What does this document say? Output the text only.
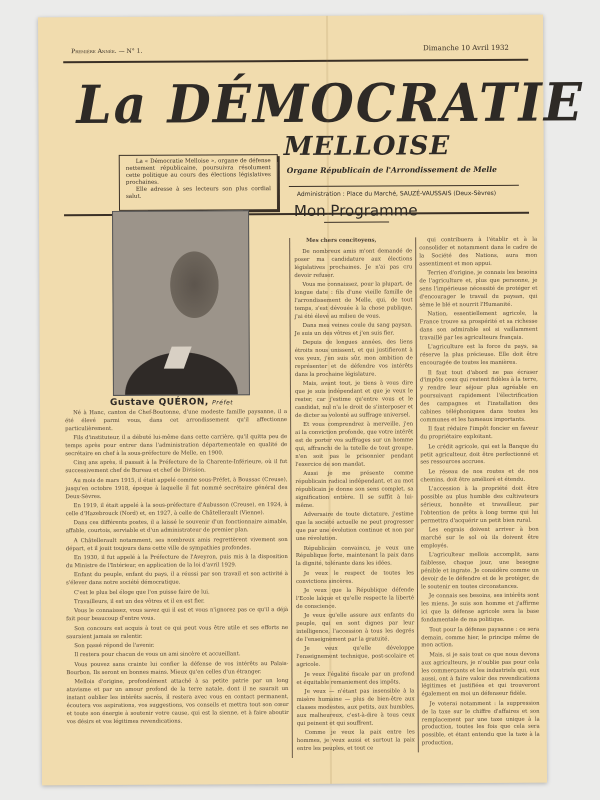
Première Année. — N° 1.	Dimanche 10 Avril 1932
La DÉMOCRATIE

La « Démocratie Melloise », organe de défense nettement républicaine, poursuivra résolument cette politique au cours des élections législatives prochaines.

Elle adresse à ses lecteurs son plus cordial salut.

MELLOISE
Organe Républicain de l'Arrondissement de Melle
Administration : Place du Marché, SAUZÉ-VAUSSAIS (Deux-Sèvres)
Gustave QUÉRON, Préfet

Né à Hanc, canton de Chef-Boutonne, d'une modeste famille paysanne, il a été élevé parmi vous, dans cet arrondissement qu'il affectionne particulièrement.

Fils d'instituteur, il a débuté lui-même dans cette carrière, qu'il quitta peu de temps après pour entrer dans l'administration départementale en qualité de secrétaire en chef à la sous-préfecture de Melle, en 1900.

Cinq ans après, il passait à la Préfecture de la Charente-Inférieure, où il fut successivement chef de Bureau et chef de Division.

Au mois de mars 1915, il était appelé comme sous-Préfet, à Boussac (Creuse), jusqu'en octobre 1918, époque à laquelle il fut nommé secrétaire général des Deux-Sèvres.

En 1919, il était appelé à la sous-préfecture d'Aubusson (Creuse), en 1924, à celle d'Hazebrouck (Nord) et, en 1927, à celle de Châtellerault (Vienne).

Dans ces différents postes, il a laissé le souvenir d'un fonctionnaire aimable, affable, courtois, serviable et d'un administrateur de premier plan.

A Châtellerault notamment, ses nombreux amis regrettèrent vivement son départ, et il jouit toujours dans cette ville de sympathies profondes.

En 1930, il fut appelé à la Préfecture de l'Aveyron, puis mis à la disposition du Ministre de l'Intérieur, en application de la loi d'avril 1929.

Enfant du peuple, enfant du pays, il a réussi par son travail et son activité à s'élever dans notre société démocratique.

C'est le plus bel éloge que l'on puisse faire de lui.

Travailleurs, il est un des vôtres et il en est fier.

Vous le connaissez, vous savez qui il est et vous n'ignorez pas ce qu'il a déjà fait pour beaucoup d'entre vous.

Son concours est acquis à tout ce qui peut vous être utile et ses efforts ne sauraient jamais se ralentir.

Son passé répond de l'avenir.

Il restera pour chacun de vous un ami sincère et accueillant.

Vous pouvez sans crainte lui confier la défense de vos intérêts au Palais-Bourbon. Ils seront en bonnes mains. Mieux qu'en celles d'un étranger.

Mellois d'origine, profondément attaché à sa petite patrie par un long atavisme et par un amour profond de la terre natale, dont il ne saurait un instant oublier les intérêts sacrés, il restera avec vous en contact permanent, écoutera vos aspirations, vos suggestions, vos conseils et mettra tout son cœur et toute son énergie à soutenir votre cause, qui est la sienne, et à faire aboutir vos désirs et vos légitimes revendications.

Mon Programme

Mes chers concitoyens,

De nombreux amis m'ont demandé de poser ma candidature aux élections législatives prochaines. Je n'ai pas cru devoir refuser.

Vous me connaissez, pour la plupart, de longue date : fils d'une vieille famille de l'arrondissement de Melle, qui, de tout temps, s'est dévouée à la chose publique, j'ai été élevé au milieu de vous.

Dans mes veines coule du sang paysan. Je suis un des vôtres et j'en suis fier.

Depuis de longues années, des liens étroits nous unissent, et qui justifieront à vos yeux, j'en suis sûr, mon ambition de représenter et de défendre vos intérêts dans la prochaine législature.

Mais, avant tout, je tiens à vous dire que je suis indépendant et que je veux le rester, car j'estime qu'entre vous et le candidat, nul n'a le droit de s'interposer et de dicter sa volonté au suffrage universel.

Et vous comprendrez à merveille, j'en ai la conviction profonde, que votre intérêt est de porter vos suffrages sur un homme qui, affranchi de la tutelle de tout groupe, n'en soit pas le prisonnier pendant l'exercice de son mandat.

Aussi je me présente comme républicain radical indépendant, et au mot républicain je donne son sens complet, sa signification entière. Il se suffit à lui-même.

Adversaire de toute dictature, j'estime que la société actuelle ne peut progresser que par une évolution continue et non par une révolution.

Républicain convaincu, je veux une République forte, maintenant la paix dans la dignité, tolérante dans les idées.

Je veux le respect de toutes les convictions sincères.

Je veux que la République défende l'Ecole laïque et qu'elle respecte la liberté de conscience.

Je veux qu'elle assure aux enfants du peuple, qui en sont dignes par leur intelligence, l'accession à tous les degrés de l'enseignement par la gratuité.

Je veux qu'elle développe l'enseignement technique, post-scolaire et agricole.

Je veux l'égalité fiscale par un profond et équitable remaniement des impôts.

Je veux — n'étant pas insensible à la misère humaine — plus de bien-être aux classes modestes, aux petits, aux humbles, aux malheureux, c'est-à-dire à tous ceux qui peinent et qui souffrent.

Comme je veux la paix entre les hommes, je veux aussi et surtout la paix entre les peuples, et tout ce

qui contribuera à l'établir et à la consolider et notamment dans le cadre de la Société des Nations, aura mon assentiment et mon appui.

Terrien d'origine, je connais les besoins de l'agriculture et, plus que personne, je sens l'impérieuse nécessité de protéger et d'encourager le travail du paysan, qui sème le blé et nourrit l'Humanité.

Nation, essentiellement agricole, la France trouve sa prospérité et sa richesse dans son admirable sol si vaillamment travaillé par les agriculteurs français.

L'agriculture est la force du pays, sa réserve la plus précieuse. Elle doit être encouragée de toutes les manières.

Il faut tout d'abord ne pas écraser d'impôts ceux qui restent fidèles à la terre, y rendre leur séjour plus agréable en poursuivant rapidement l'électrification des campagnes et l'installation des cabines téléphoniques dans toutes les communes et les hameaux importants.

Il faut réduire l'impôt foncier en faveur du propriétaire exploitant.

Le crédit agricole, qui est la Banque du petit agriculteur, doit être perfectionné et ses ressources accrues.

Le réseau de nos routes et de nos chemins, doit être amélioré et étendu.

L'accession à la propriété doit être possible au plus humble des cultivateurs sérieux, honnête et travailleur, par l'obtention de prêts à long terme qui lui permettra d'acquérir un petit bien rural.

Les engrais doivent arriver à bon marché sur le sol où ils doivent être employés.

L'agriculteur mellois accomplit, sans faiblesse, chaque jour, une besogne pénible et ingrate. Je considère comme un devoir de le défendre et de le protéger, de le soutenir en toutes circonstances.

Je connais ses besoins, ses intérêts sont les miens. Je suis son homme et j'affirme ici que la défense agricole sera la base fondamentale de ma politique.

Tout pour la défense paysanne : ce sera demain, comme hier, le principe même de mon action.

Mais, si je sais tout ce que nous devons aux agriculteurs, je n'oublie pas pour cela les commerçants et les industriels qui, eux aussi, ont à faire valoir des revendications légitimes et justifiées et qui trouveront également en moi un défenseur fidèle.

Je voterai notamment : la suppression de la taxe sur le chiffre d'affaires et son remplacement par une taxe unique à la production, toutes les fois que cela sera possible, et étant entendu que la taxe à la production,
